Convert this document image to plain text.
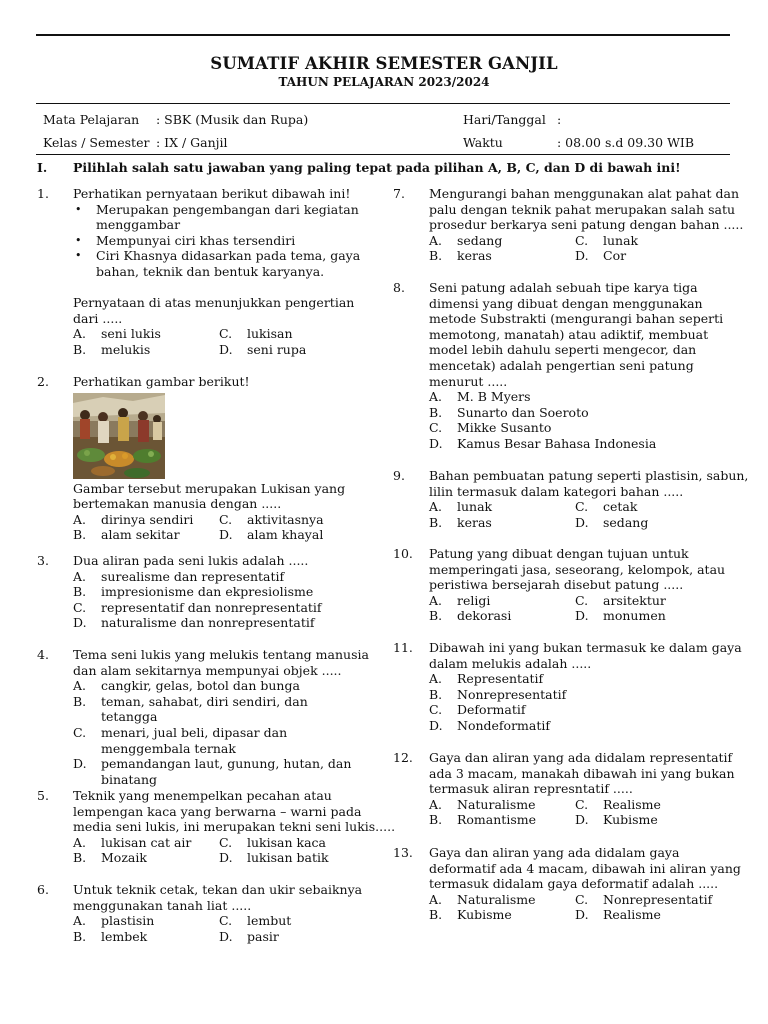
SUMATIF AKHIR SEMESTER GANJIL
TAHUN PELAJARAN 2023/2024
Mata Pelajaran : SBK (Musik dan Rupa)
Kelas / Semester : IX / Ganjil
Hari/Tanggal :
Waktu	: 08.00 s.d 09.30 WIB
I. Pilihlah salah satu jawaban yang paling tepat pada pilihan A, B, C, dan D di bawah ini!
1. Perhatikan pernyataan berikut dibawah ini!
• Merupakan pengembangan dari kegiatan
menggambar
• Mempunyai ciri khas tersendiri
• Ciri Khasnya didasarkan pada tema, gaya
bahan, teknik dan bentuk karyanya.
Pernyataan di atas menunjukkan pengertian
dari .....
A.	seni lukis	C.	lukisan
B.	melukis	D.	seni rupa
2. Perhatikan gambar berikut!
Gambar tersebut merupakan Lukisan yang
bertemakan manusia dengan .....
A.	dirinya sendiri C.	aktivitasnya
B.	alam sekitar	D.	alam khayal
3. Dua aliran pada seni lukis adalah .....
A.	surealisme dan representatif
B.	impresionisme dan ekpresiolisme
C.	representatif dan nonrepresentatif
D.	naturalisme dan nonrepresentatif
4. Tema seni lukis yang melukis tentang manusia
dan alam sekitarnya mempunyai objek .....
A.	cangkir, gelas, botol dan bunga
B.	teman, sahabat, diri sendiri, dan tetangga
C.	menari, jual beli, dipasar dan menggembala ternak
D.	pemandangan laut, gunung, hutan, dan binatang
5. Teknik yang menempelkan pecahan atau
lempengan kaca yang berwarna – warni pada
media seni lukis, ini merupakan tekni seni lukis.....
A.	lukisan cat air C.	lukisan kaca
B.	Mozaik	D.	lukisan batik
6. Untuk teknik cetak, tekan dan ukir sebaiknya
menggunakan tanah liat .....
A.	plastisin	C.	lembut
B.	lembek	D.	pasir
7. Mengurangi bahan menggunakan alat pahat dan
palu dengan teknik pahat merupakan salah satu
prosedur berkarya seni patung dengan bahan .....
A.	sedang	C.	lunak
B.	keras	D.	Cor
8. Seni patung adalah sebuah tipe karya tiga
dimensi yang dibuat dengan menggunakan
metode Substrakti (mengurangi bahan seperti
memotong, manatah) atau adiktif, membuat
model lebih dahulu seperti mengecor, dan
mencetak) adalah pengertian seni patung
menurut .....
A.	M. B Myers
B.	Sunarto dan Soeroto
C.	Mikke Susanto
D.	Kamus Besar Bahasa Indonesia
9. Bahan pembuatan patung seperti plastisin, sabun,
lilin termasuk dalam kategori bahan .....
A.	lunak	C.	cetak
B.	keras	D.	sedang
10. Patung yang dibuat dengan tujuan untuk
memperingati jasa, seseorang, kelompok, atau
peristiwa bersejarah disebut patung .....
A.	religi	C.	arsitektur
B.	dekorasi	D.	monumen
11. Dibawah ini yang bukan termasuk ke dalam gaya
dalam melukis adalah .....
A.	Representatif
B.	Nonrepresentatif
C.	Deformatif
D.	Nondeformatif
12. Gaya dan aliran yang ada didalam representatif
ada 3 macam, manakah dibawah ini yang bukan
termasuk aliran represntatif .....
A.	Naturalisme	C.	Realisme
B.	Romantisme	D.	Kubisme
13. Gaya dan aliran yang ada didalam gaya
deformatif ada 4 macam, dibawah ini aliran yang
termasuk didalam gaya deformatif adalah .....
A.	Naturalisme	C.	Nonrepresentatif
B.	Kubisme	D.	Realisme
